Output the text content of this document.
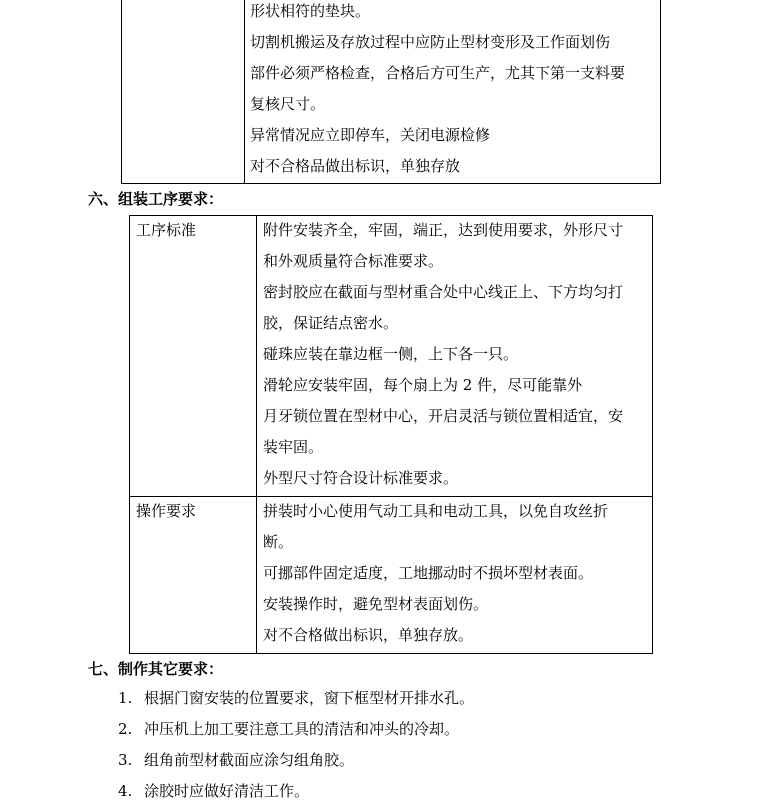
形状相符的垫块。
切割机搬运及存放过程中应防止型材变形及工作面划伤
部件必须严格检查，合格后方可生产，尤其下第一支料要
复核尺寸。
异常情况应立即停车，关闭电源检修
对不合格品做出标识，单独存放
六、组装工序要求：
工序标准	附件安装齐全，牢固，端正，达到使用要求，外形尺寸
和外观质量符合标准要求。
密封胶应在截面与型材重合处中心线正上、下方均匀打
胶，保证结点密水。
碰珠应装在靠边框一侧，上下各一只。
滑轮应安装牢固，每个扇上为 2 件，尽可能靠外
月牙锁位置在型材中心，开启灵活与锁位置相适宜，安
装牢固。
外型尺寸符合设计标准要求。
操作要求	拼装时小心使用气动工具和电动工具，以免自攻丝折
断。
可挪部件固定适度，工地挪动时不损坏型材表面。
安装操作时，避免型材表面划伤。
对不合格做出标识，单独存放。
七、制作其它要求：
1. 根据门窗安装的位置要求，窗下框型材开排水孔。
2. 冲压机上加工要注意工具的清洁和冲头的冷却。
3. 组角前型材截面应涂匀组角胶。
4. 涂胶时应做好清洁工作。
